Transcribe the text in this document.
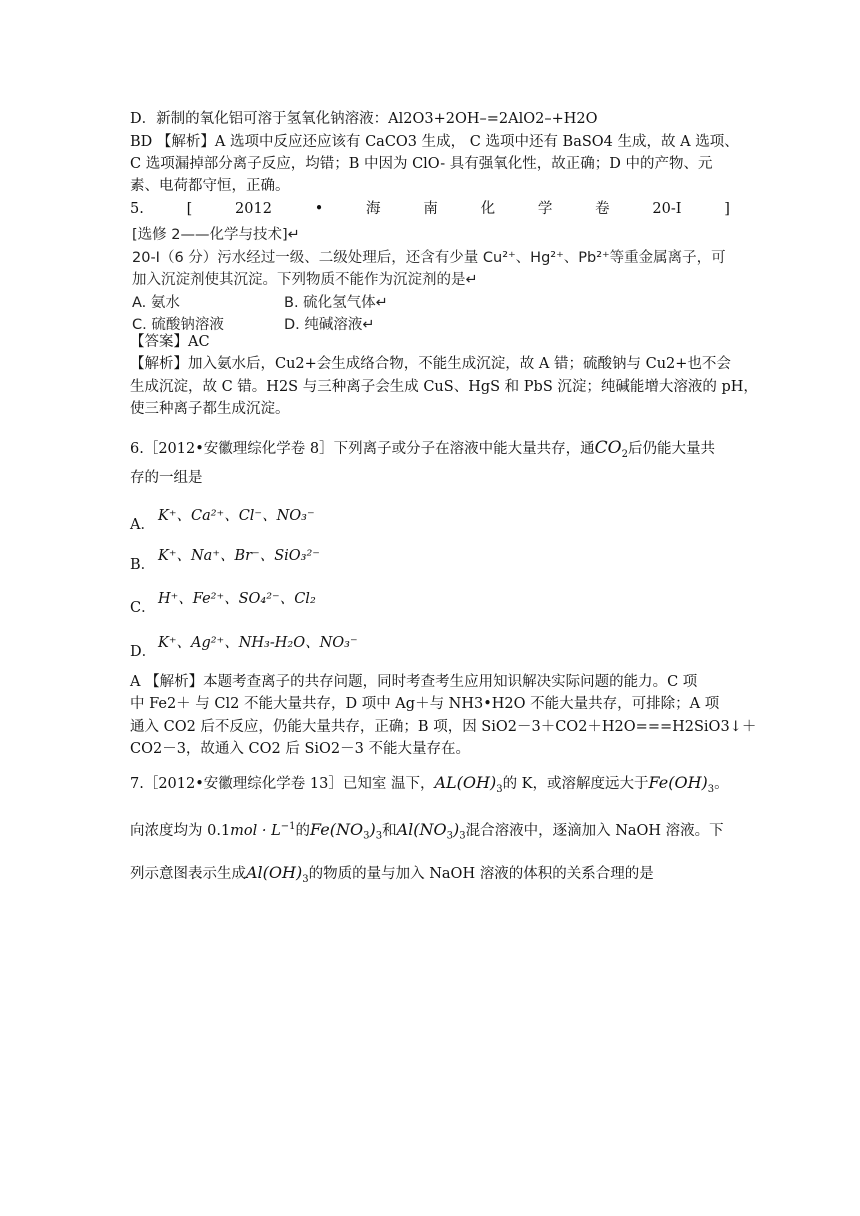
D．新制的氧化铝可溶于氢氧化钠溶液：Al2O3+2OH–=2AlO2–+H2O
BD 【解析】A 选项中反应还应该有 CaCO3 生成， C 选项中还有 BaSO4 生成，故 A 选项、
C 选项漏掉部分离子反应，均错；B 中因为 ClO- 具有强氧化性，故正确；D 中的产物、元
素、电荷都守恒，正确。
5.	[	2012	•	海	南	化	学	卷	20-I	]
[选修 2——化学与技术]↵
20-I（6 分）污水经过一级、二级处理后，还含有少量 Cu²⁺、Hg²⁺、Pb²⁺等重金属离子，可
加入沉淀剂使其沉淀。下列物质不能作为沉淀剂的是↵
A. 氨水	B. 硫化氢气体↵
C. 硫酸钠溶液	D. 纯碱溶液↵
【答案】AC
【解析】加入氨水后，Cu2+会生成络合物，不能生成沉淀，故 A 错；硫酸钠与 Cu2+也不会
生成沉淀，故 C 错。H2S 与三种离子会生成 CuS、HgS 和 PbS 沉淀；纯碱能增大溶液的 pH，
使三种离子都生成沉淀。
6.［2012•安徽理综化学卷 8］下列离子或分子在溶液中能大量共存，通$CO_2$后仍能大量共
存的一组是
A．K⁺、Ca²⁺、Cl⁻、NO₃⁻
B．K⁺、Na⁺、Br⁻、SiO₃²⁻
C．H⁺、Fe²⁺、SO₄²⁻、Cl₂
D．K⁺、Ag²⁺、NH₃-H₂O、NO₃⁻
A 【解析】本题考查离子的共存问题，同时考查考生应用知识解决实际问题的能力。C 项
中 Fe2＋ 与 Cl2 不能大量共存，D 项中 Ag＋与 NH3•H2O 不能大量共存，可排除；A 项
通入 CO2 后不反应，仍能大量共存，正确；B 项，因 SiO2－3＋CO2＋H2O===H2SiO3↓＋
CO2－3，故通入 CO2 后 SiO2－3 不能大量存在。
7.［2012•安徽理综化学卷 13］已知室 温下，$AL(OH)_3$的 K，或溶解度远大于$Fe(OH)_3$。
向浓度均为 $0.1mol \cdot L^{-1}$的$Fe(NO_3)_3$和$Al(NO_3)_3$混合溶液中，逐滴加入 NaOH 溶液。下
列示意图表示生成$Al(OH)_3$的物质的量与加入 NaOH 溶液的体积的关系合理的是
